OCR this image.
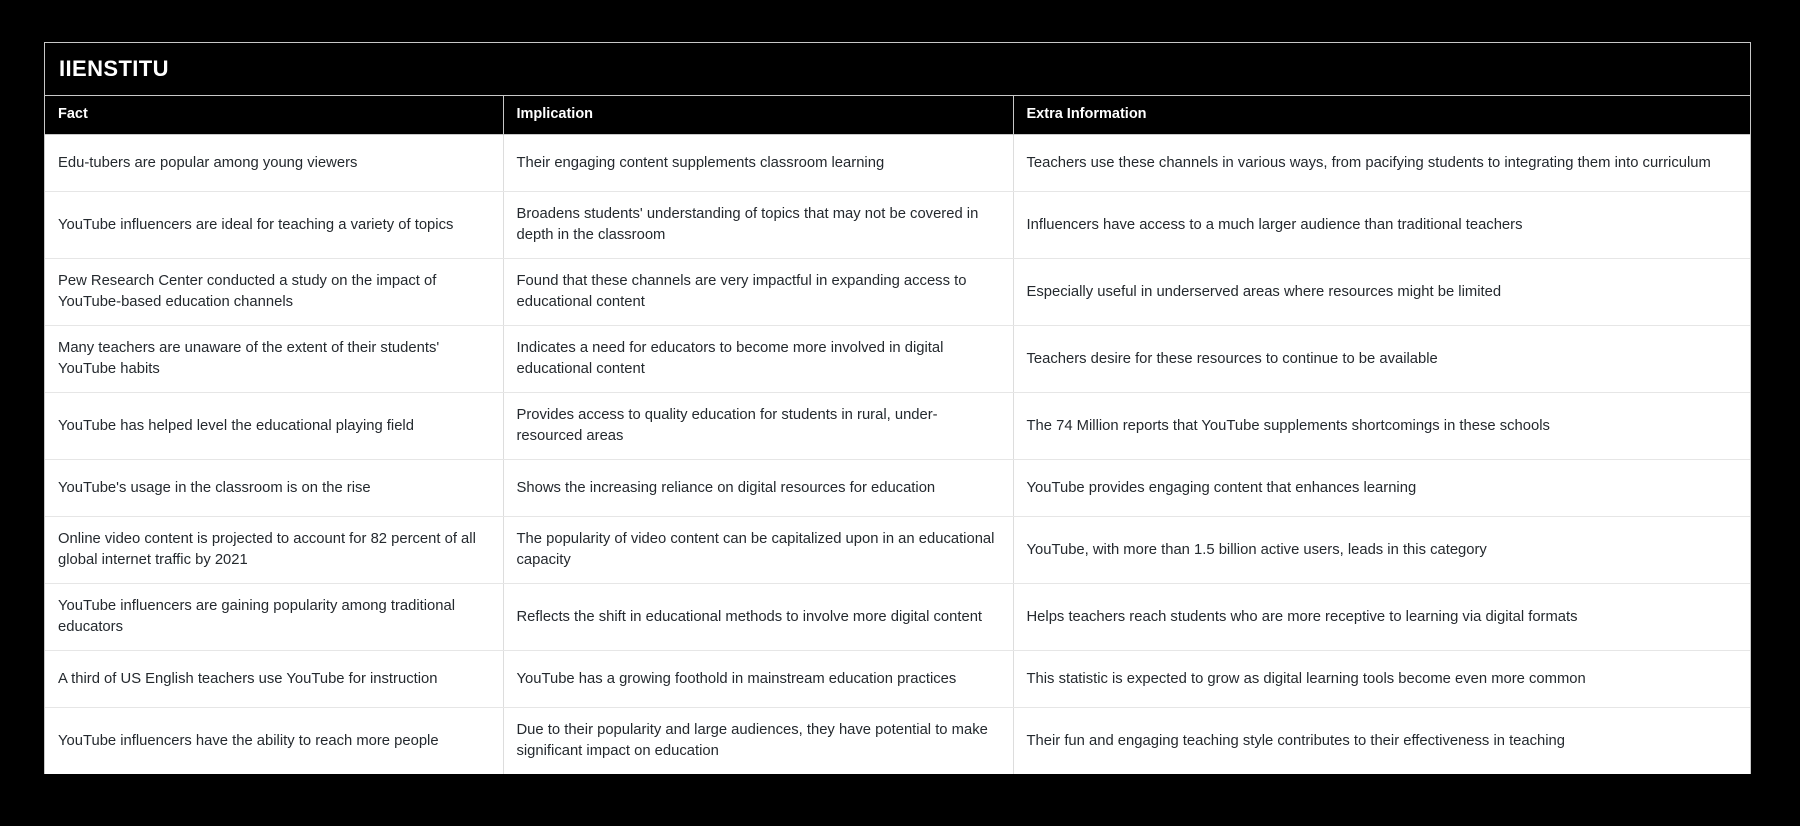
IIENSTITU
Fact	Implication	Extra Information
Edu-tubers are popular among young viewers	Their engaging content supplements classroom learning	Teachers use these channels in various ways, from pacifying students to integrating them into curriculum
YouTube influencers are ideal for teaching a variety of topics	Broadens students' understanding of topics that may not be covered in depth in the classroom	Influencers have access to a much larger audience than traditional teachers
Pew Research Center conducted a study on the impact of YouTube-based education channels	Found that these channels are very impactful in expanding access to educational content	Especially useful in underserved areas where resources might be limited
Many teachers are unaware of the extent of their students' YouTube habits	Indicates a need for educators to become more involved in digital educational content	Teachers desire for these resources to continue to be available
YouTube has helped level the educational playing field	Provides access to quality education for students in rural, under-resourced areas	The 74 Million reports that YouTube supplements shortcomings in these schools
YouTube's usage in the classroom is on the rise	Shows the increasing reliance on digital resources for education	YouTube provides engaging content that enhances learning
Online video content is projected to account for 82 percent of all global internet traffic by 2021	The popularity of video content can be capitalized upon in an educational capacity	YouTube, with more than 1.5 billion active users, leads in this category
YouTube influencers are gaining popularity among traditional educators	Reflects the shift in educational methods to involve more digital content	Helps teachers reach students who are more receptive to learning via digital formats
A third of US English teachers use YouTube for instruction	YouTube has a growing foothold in mainstream education practices	This statistic is expected to grow as digital learning tools become even more common
YouTube influencers have the ability to reach more people	Due to their popularity and large audiences, they have potential to make significant impact on education	Their fun and engaging teaching style contributes to their effectiveness in teaching
